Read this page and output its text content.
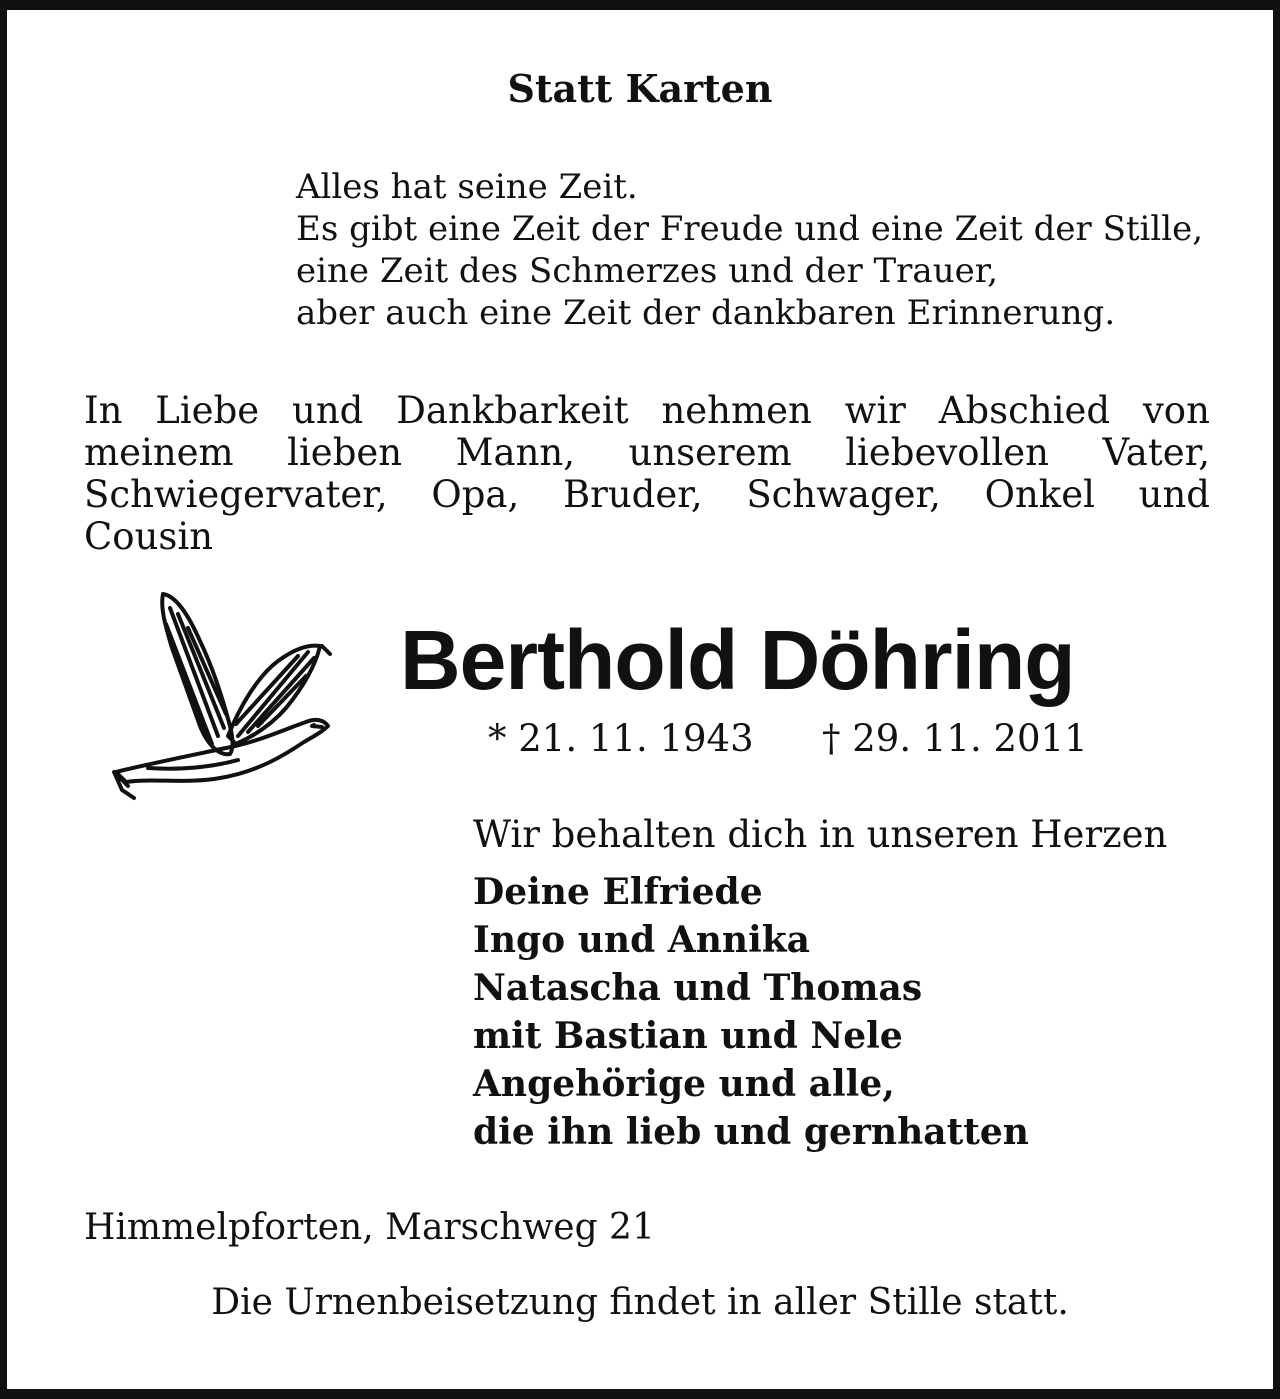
Statt Karten
Alles hat seine Zeit.
Es gibt eine Zeit der Freude und eine Zeit der Stille,
eine Zeit des Schmerzes und der Trauer,
aber auch eine Zeit der dankbaren Erinnerung.
In Liebe und Dankbarkeit nehmen wir Abschied von
meinem lieben Mann, unserem liebevollen Vater,
Schwiegervater, Opa, Bruder, Schwager, Onkel und
Cousin
Berthold Döhring
* 21. 11. 1943 † 29. 11. 2011
Wir behalten dich in unseren Herzen
Deine Elfriede
Ingo und Annika
Natascha und Thomas
mit Bastian und Nele
Angehörige und alle,
die ihn lieb und gernhatten
Himmelpforten, Marschweg 21
Die Urnenbeisetzung findet in aller Stille statt.
